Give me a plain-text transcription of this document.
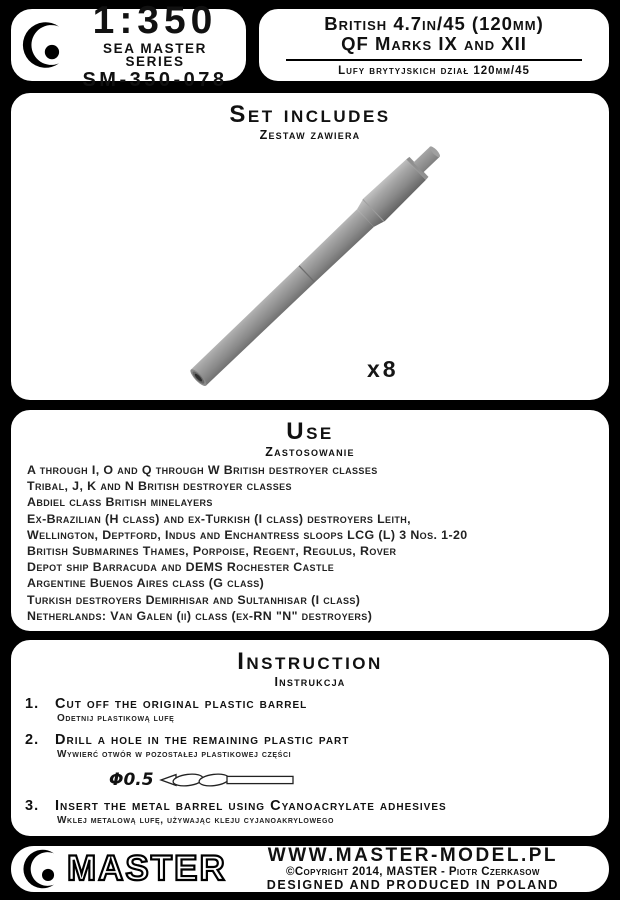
1:350
SEA MASTER SERIES
SM-350-078
British 4.7in/45 (120mm)
QF Marks IX and XII
Lufy brytyjskich dział 120mm/45
Set includes
Zestaw zawiera
x8
Use
Zastosowanie
A through I, O and Q through W British destroyer classes
Tribal, J, K and N British destroyer classes
Abdiel class British minelayers
Ex-Brazilian (H class) and ex-Turkish (I class) destroyers Leith,
Wellington, Deptford, Indus and Enchantress sloops LCG (L) 3 Nos. 1-20
British Submarines Thames, Porpoise, Regent, Regulus, Rover
Depot ship Barracuda and DEMS Rochester Castle
Argentine Buenos Aires class (G class)
Turkish destroyers Demirhisar and Sultanhisar (I class)
Netherlands: Van Galen (ii) class (ex-RN "N" destroyers)
Instruction
Instrukcja
1. Cut off the original plastic barrel
Odetnij plastikową lufę
2. Drill a hole in the remaining plastic part
Wywierć otwór w pozostałej plastikowej części
Φ0.5
3. Insert the metal barrel using Cyanoacrylate adhesives
Wklej metalową lufę, używając kleju cyjanoakrylowego
MASTER	WWW.MASTER-MODEL.PL
©Copyright 2014, MASTER - Piotr Czerkasow
DESIGNED AND PRODUCED IN POLAND
